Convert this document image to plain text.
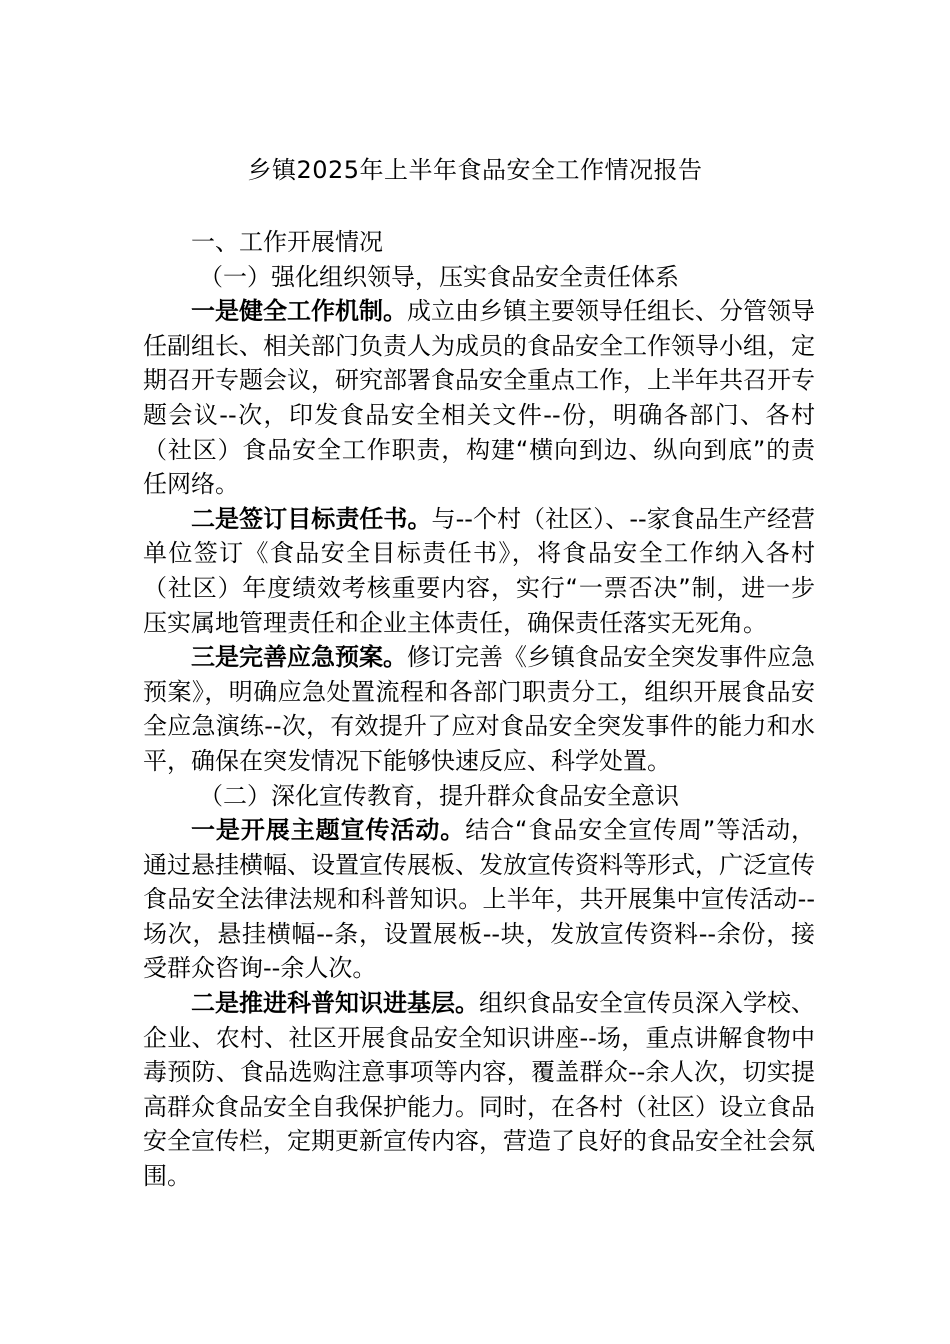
乡镇2025年上半年食品安全工作情况报告
一、工作开展情况
（一）强化组织领导，压实食品安全责任体系

一是健全工作机制。成立由乡镇主要领导任组长、分管领导任副组长、相关部门负责人为成员的食品安全工作领导小组，定期召开专题会议，研究部署食品安全重点工作，上半年共召开专题会议--次，印发食品安全相关文件--份，明确各部门、各村（社区）食品安全工作职责，构建“横向到边、纵向到底”的责任网络。

二是签订目标责任书。与--个村（社区）、--家食品生产经营单位签订《食品安全目标责任书》，将食品安全工作纳入各村（社区）年度绩效考核重要内容，实行“一票否决”制，进一步压实属地管理责任和企业主体责任，确保责任落实无死角。

三是完善应急预案。修订完善《乡镇食品安全突发事件应急预案》，明确应急处置流程和各部门职责分工，组织开展食品安全应急演练--次，有效提升了应对食品安全突发事件的能力和水平，确保在突发情况下能够快速反应、科学处置。

（二）深化宣传教育，提升群众食品安全意识

一是开展主题宣传活动。结合“食品安全宣传周”等活动，通过悬挂横幅、设置宣传展板、发放宣传资料等形式，广泛宣传食品安全法律法规和科普知识。上半年，共开展集中宣传活动--场次，悬挂横幅--条，设置展板--块，发放宣传资料--余份，接受群众咨询--余人次。

二是推进科普知识进基层。组织食品安全宣传员深入学校、企业、农村、社区开展食品安全知识讲座--场，重点讲解食物中毒预防、食品选购注意事项等内容，覆盖群众--余人次，切实提高群众食品安全自我保护能力。同时，在各村（社区）设立食品安全宣传栏，定期更新宣传内容，营造了良好的食品安全社会氛围。
